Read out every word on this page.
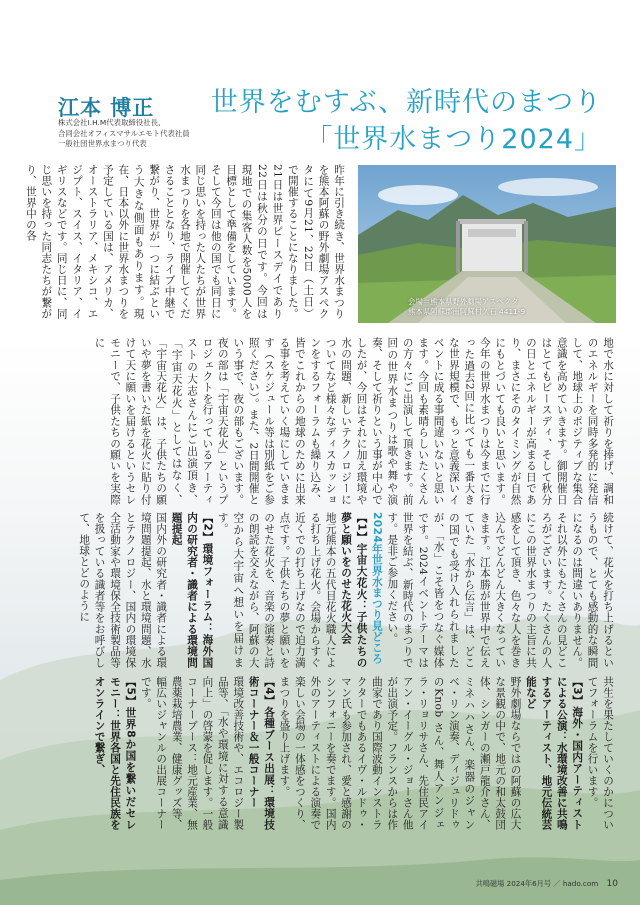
江本 博正
株式会社I.H.M代表取締役社長、
合同会社オフィスマサルエモト代表社員
一般社団世界水まつり代表
世界をむすぶ、新時代のまつり
「世界水まつり2024」
会場＝熊本県野外劇場アスペクタ
熊本県阿蘇郡南阿蘇村久石 4411-9
昨年に引き続き、世界水まつりを熊本阿蘇の野外劇場アスペクタにて9月21、22日（土日）で開催することになりました。21日は世界ピースデイであり22日は秋分の日です。今回は現地での集客人数を5000人を目標として準備をしています。そして今回は他の国でも同日に同じ思いを持った人たちが世界水まつりを各地で開催してくださることとなり、ライブ中継で繋がり、世界が一つに結ぶという大きな側面もあります。現在、日本以外に世界水まつりを予定している国は、アメリカ、オーストラリア、メキシコ、エジプト、スイス、イタリア、イギリスなどです。同じ日に、同じ思いを持った同志たちが繋がり、世界中の各
地で水に対して祈りを捧げ、調和のエネルギーを同時多発的に発信して、地球上のポジティブな集合意識を高めていきます。御開催日はとてもピースディ、そして秋分の日とエネルギーが高まる日であり、まさにそのタイミングが自然にもとづいても良いと思います。今年の世界水まつりは今までに行った過去2回に比べても一番大きな世界規模で、もっと意義深いイベントに成る事間違いないと思います。今回も素晴らしいたくさんの方々にご出演して頂きます。前回の世界水まつりは歌や舞や演奏、そして祈りという事が中心でしたが、今回はそれに加え環境や水の問題、新しいテクノロジーについてなど様々なディスカッションをするフォーラムも繰り込み、皆でこれからの地球のために出来る事を考えていく場にしていきます（スケジュール等は別紙をご参照ください）。また、2日間開催という事で、夜の部もございます。夜の部は「宇宙天花火」というプロジェクトを行っているアーティストの大志さんにご出演頂き、「宇宙天花火」としてはなく、「宇宙天花火」は、子供たちの願いや夢を書いた紙を花火に貼り付けて天に願いを届けるというセレモニーで、子供たちの願いを実際に
続けて、花火を打ち上げるというもので、とても感動的な瞬間になるのは間違いありません。それ以外にもたくさんの見どころがございます。たくさんの人にこの世界水まつりの主旨に共感をして頂き、色々な人を巻き込んでどんどん大きくなっていきます。江本勝が世界中で伝えていた「水から伝言」は、どこの国でも受け入れられましたが、「水」こそ皆をつなぐ媒体です。2024イベントテーマは世界を結ぶ、新時代のまつりです。是非ご参加ください。
2024年世界水まつり見どころ
【1】宇宙大花火：子供たちの夢と願いをのせた花火大会
地元熊本の五代目花火職人による打ち上げ花火。会場からすぐ近くでの打ち上げなので迫力満点です。子供たちの夢と願いをのせた花火を、音楽の演奏と詩の朗読を交えながら、阿蘇の大空から大宇宙へ想いを届けます。
【2】環境フォーラム：海外国内の研究者・識者による環境問題提起
国内外の研究者・識者による環境問題提起、水と環境問題、水とテクノロジー、国内の環境保全活動家や環境保全技術製品等を扱っている識者等をお呼びして、地球とどのように
共生を果たしていくのかについてフォーラムを行います。
【3】海外・国内アーティストによる公演：水環境改善に共鳴するアーティスト、地元伝統芸能など
野外劇場ならではの阿蘇の広大な景観の中で、地元の和太鼓団体、シンガーの瀬戸龍介さん、ミネハハさん、楽器のジャンベ・リン演奏、ディジュリドゥのKnob さん、舞人アンジェラ・リョリサさん、先住民アイアン・イーグル・ジョーさん他が出演予定。フランスからは作曲家であり国際波動インストラクターでもあるイヴ・ルドゥ・マン氏も参加され、愛と感謝のシンフォニーを奏でます。国内外のアーティストによる演奏で楽しい会場の一体感をつくり、まつりを盛り上げます。
【4】各種ブース出展：環境技術コーナー＆一般コーナー
環境改善技術や、エコロジー製品等、「水や環境に対する意識向上」の啓蒙を促します。一般コーナーブース：地元産業、無農薬栽培農業、健康グッズ等、幅広いジャンルの出展コーナーです。
【5】世界8か国を繋いだセレモニー：世界各国と先住民族をオンラインで繋ぎ、
共鳴磁場 2024年6月号 ／ hado.com 10
